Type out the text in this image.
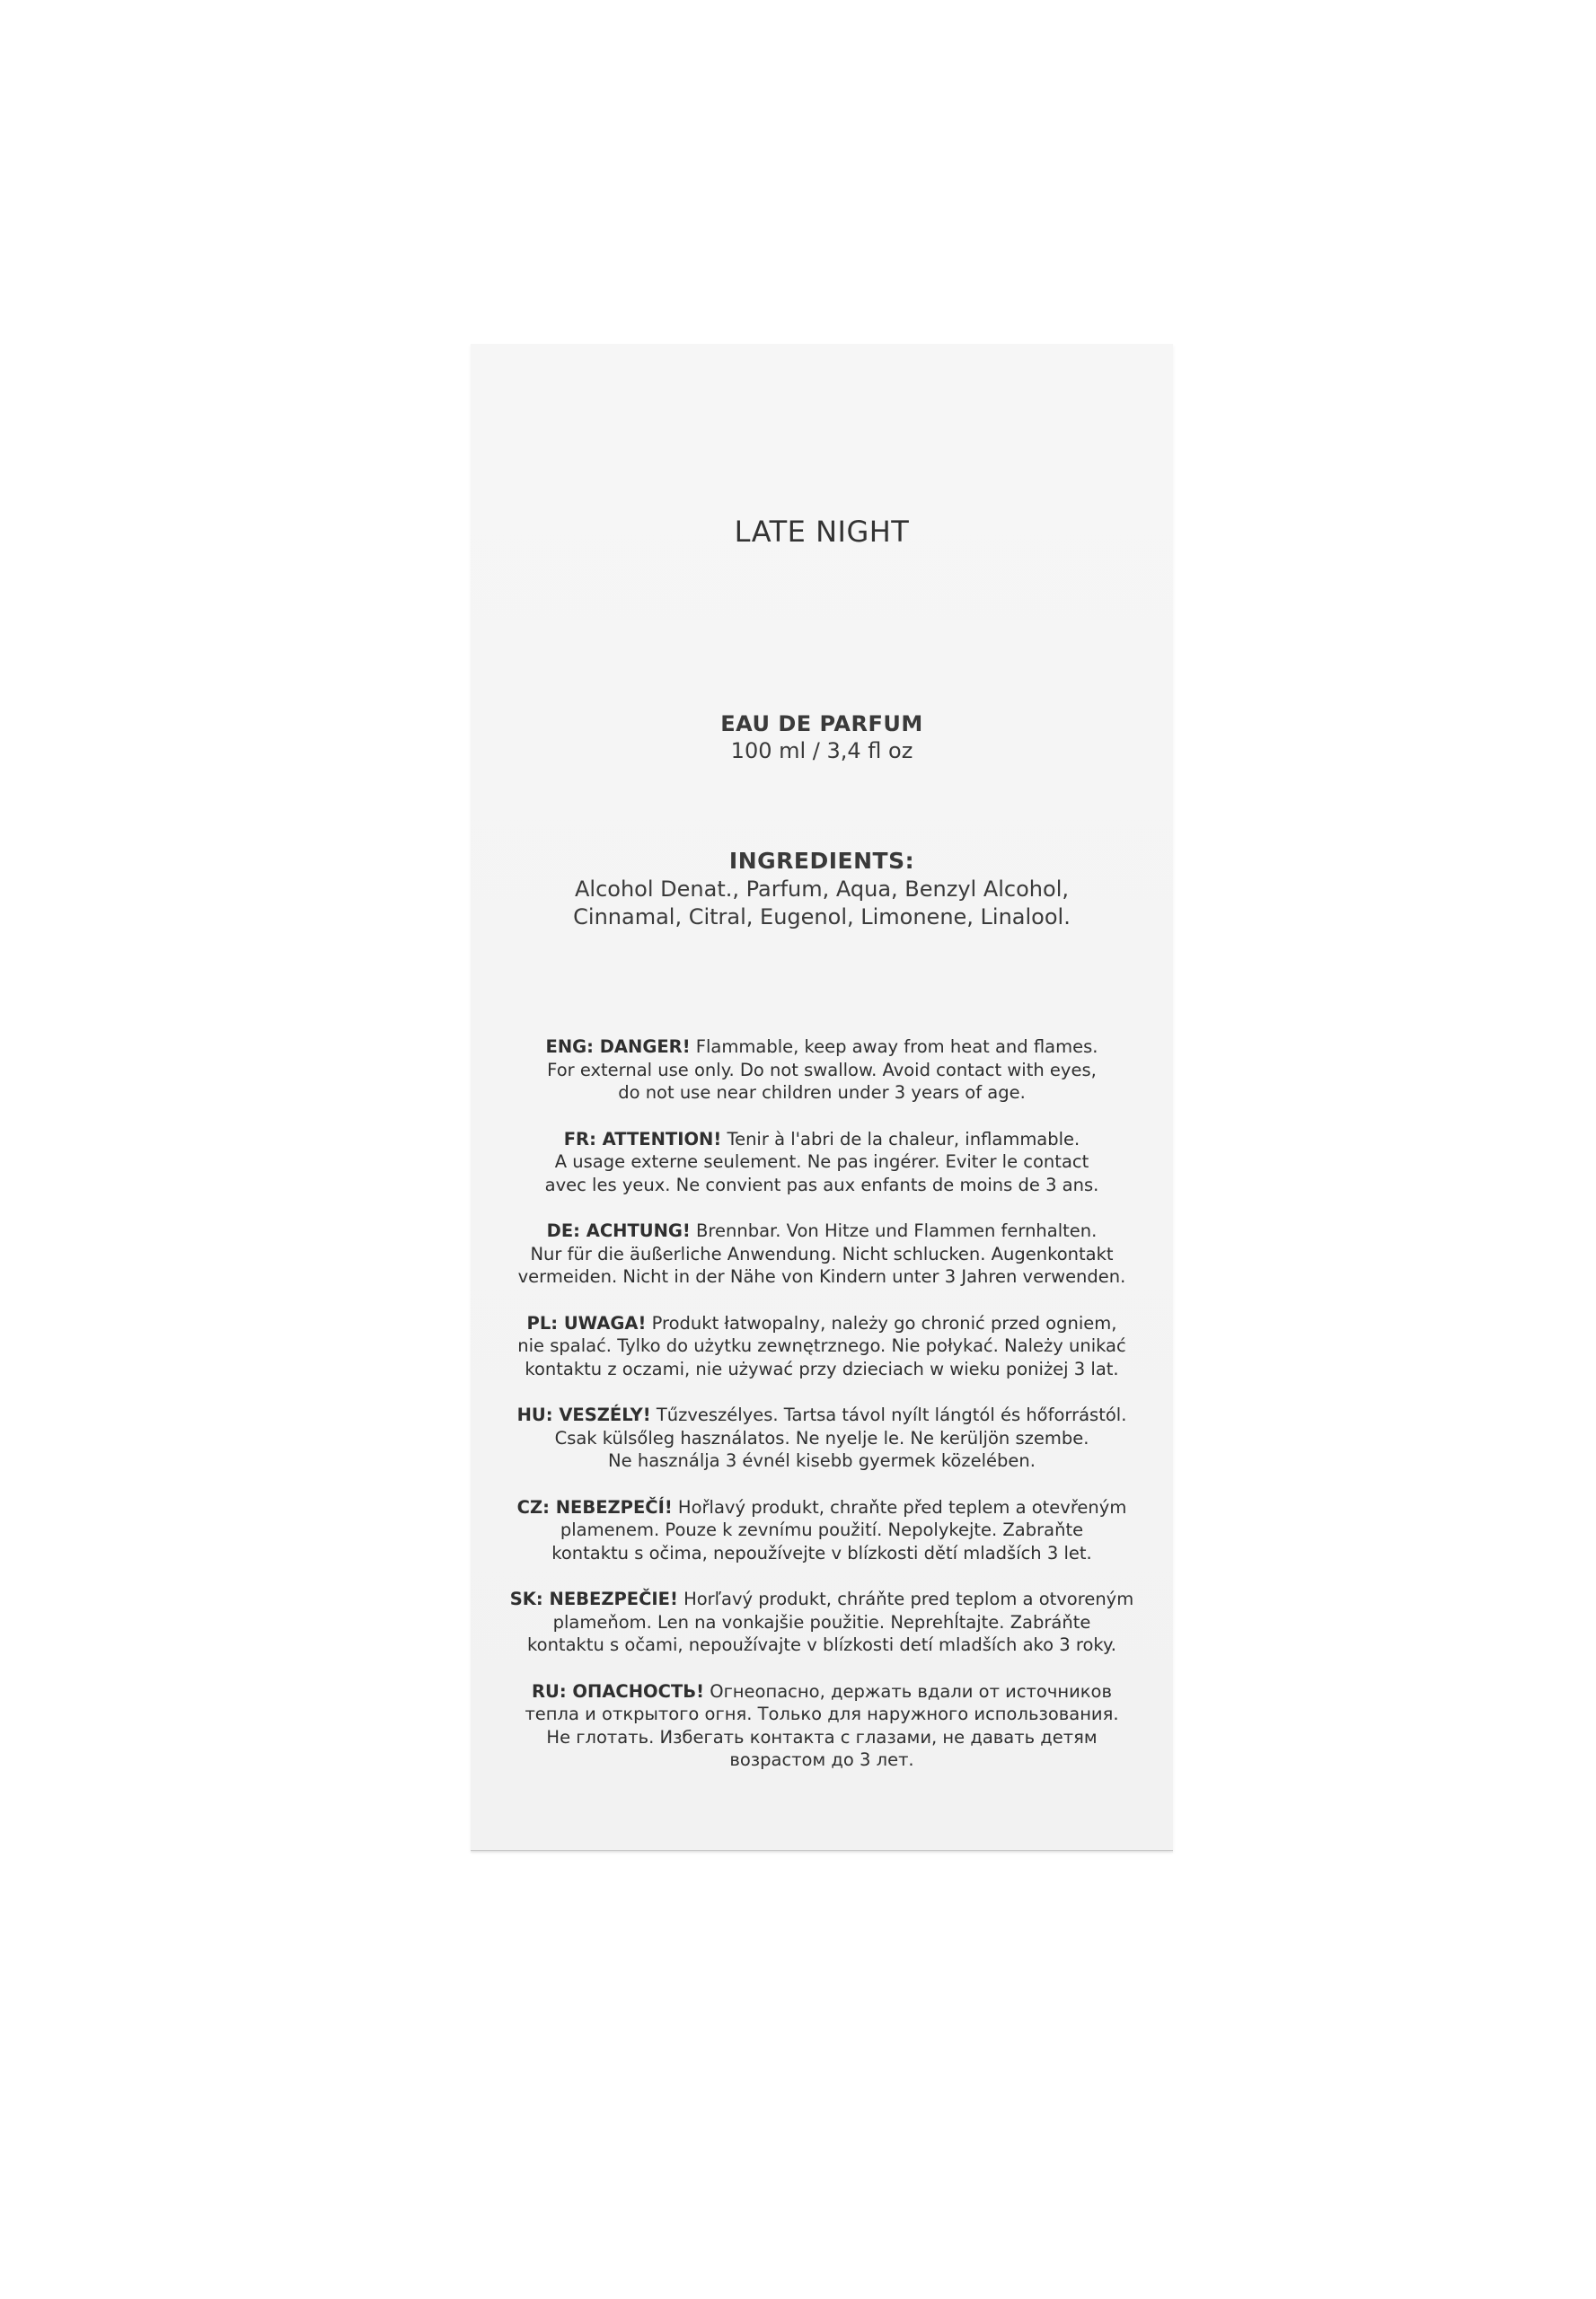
LATE NIGHT
EAU DE PARFUM
100 ml / 3,4 fl oz
INGREDIENTS:
Alcohol Denat., Parfum, Aqua, Benzyl Alcohol,
Cinnamal, Citral, Eugenol, Limonene, Linalool.
ENG: DANGER! Flammable, keep away from heat and flames.
For external use only. Do not swallow. Avoid contact with eyes,
do not use near children under 3 years of age.
FR: ATTENTION! Tenir à l'abri de la chaleur, inflammable.
A usage externe seulement. Ne pas ingérer. Eviter le contact
avec les yeux. Ne convient pas aux enfants de moins de 3 ans.
DE: ACHTUNG! Brennbar. Von Hitze und Flammen fernhalten.
Nur für die äußerliche Anwendung. Nicht schlucken. Augenkontakt
vermeiden. Nicht in der Nähe von Kindern unter 3 Jahren verwenden.
PL: UWAGA! Produkt łatwopalny, należy go chronić przed ogniem,
nie spalać. Tylko do użytku zewnętrznego. Nie połykać. Należy unikać
kontaktu z oczami, nie używać przy dzieciach w wieku poniżej 3 lat.
HU: VESZÉLY! Tűzveszélyes. Tartsa távol nyílt lángtól és hőforrástól.
Csak külsőleg használatos. Ne nyelje le. Ne kerüljön szembe.
Ne használja 3 évnél kisebb gyermek közelében.
CZ: NEBEZPEČÍ! Hořlavý produkt, chraňte před teplem a otevřeným
plamenem. Pouze k zevnímu použití. Nepolykejte. Zabraňte
kontaktu s očima, nepoužívejte v blízkosti dětí mladších 3 let.
SK: NEBEZPEČIE! Horľavý produkt, chráňte pred teplom a otvoreným
plameňom. Len na vonkajšie použitie. Neprehĺtajte. Zabráňte
kontaktu s očami, nepoužívajte v blízkosti detí mladších ako 3 roky.
RU: ОПАСНОСТЬ! Огнеопасно, держать вдали от источников
тепла и открытого огня. Только для наружного использования.
Не глотать. Избегать контакта с глазами, не давать детям
возрастом до 3 лет.
